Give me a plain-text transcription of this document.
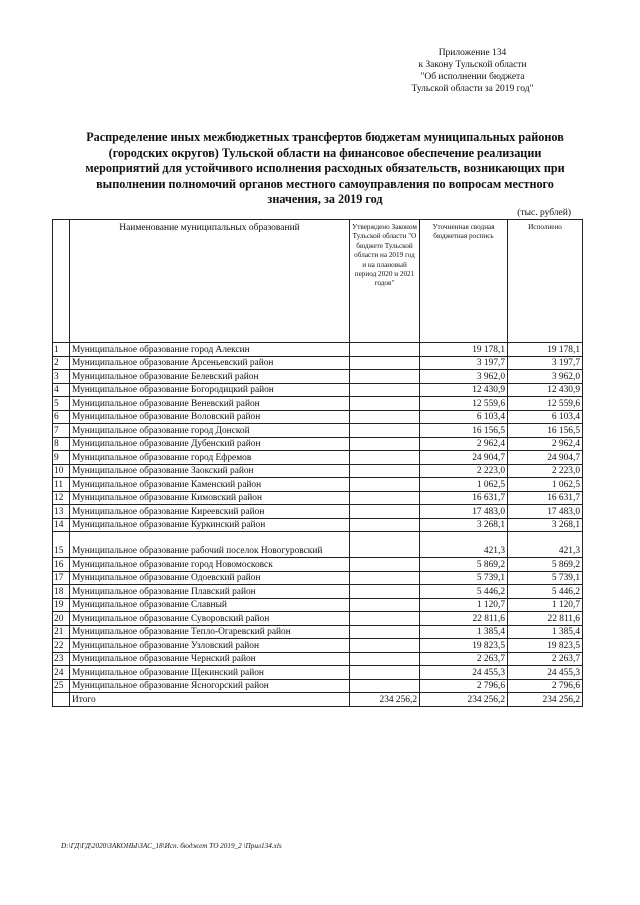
Приложение 134
к Закону Тульской области
"Об исполнении бюджета
Тульской области за 2019 год"
Распределение иных межбюджетных трансфертов бюджетам муниципальных районов
(городских округов) Тульской области на финансовое обеспечение реализации
мероприятий для устойчивого исполнения расходных обязательств, возникающих при
выполнении полномочий органов местного самоуправления по вопросам местного
значения, за 2019 год
(тыс. рублей)
	Наименование муниципальных образований	Утверждено Законом Тульской области "О бюджете Тульской области на 2019 год и на плановый период 2020 и 2021 годов"	Уточненная сводная бюджетная роспись	Исполнено
1	Муниципальное образование город Алексин		19 178,1	19 178,1
2	Муниципальное образование Арсеньевский район		3 197,7	3 197,7
3	Муниципальное образование Белевский район		3 962,0	3 962,0
4	Муниципальное образование Богородицкий район		12 430,9	12 430,9
5	Муниципальное образование Веневский район		12 559,6	12 559,6
6	Муниципальное образование Воловский район		6 103,4	6 103,4
7	Муниципальное образование город Донской		16 156,5	16 156,5
8	Муниципальное образование Дубенский район		2 962,4	2 962,4
9	Муниципальное образование город Ефремов		24 904,7	24 904,7
10	Муниципальное образование Заокский район		2 223,0	2 223,0
11	Муниципальное образование Каменский район		1 062,5	1 062,5
12	Муниципальное образование Кимовский район		16 631,7	16 631,7
13	Муниципальное образование Киреевский район		17 483,0	17 483,0
14	Муниципальное образование Куркинский район		3 268,1	3 268,1
15	Муниципальное образование рабочий поселок Новогуровский		421,3	421,3
16	Муниципальное образование город Новомосковск		5 869,2	5 869,2
17	Муниципальное образование Одоевский район		5 739,1	5 739,1
18	Муниципальное образование Плавский район		5 446,2	5 446,2
19	Муниципальное образование Славный		1 120,7	1 120,7
20	Муниципальное образование Суворовский район		22 811,6	22 811,6
21	Муниципальное образование Тепло-Огаревский район		1 385,4	1 385,4
22	Муниципальное образование Узловский район		19 823,5	19 823,5
23	Муниципальное образование Чернский район		2 263,7	2 263,7
24	Муниципальное образование Щекинский район		24 455,3	24 455,3
25	Муниципальное образование Ясногорский район		2 796,6	2 796,6
	Итого	234 256,2	234 256,2	234 256,2
D:\ГД\ГД\2020\ЗАКОНЫ\ЗАС_18\Исп. бюджет ТО 2019_2 \Прил134.xls
